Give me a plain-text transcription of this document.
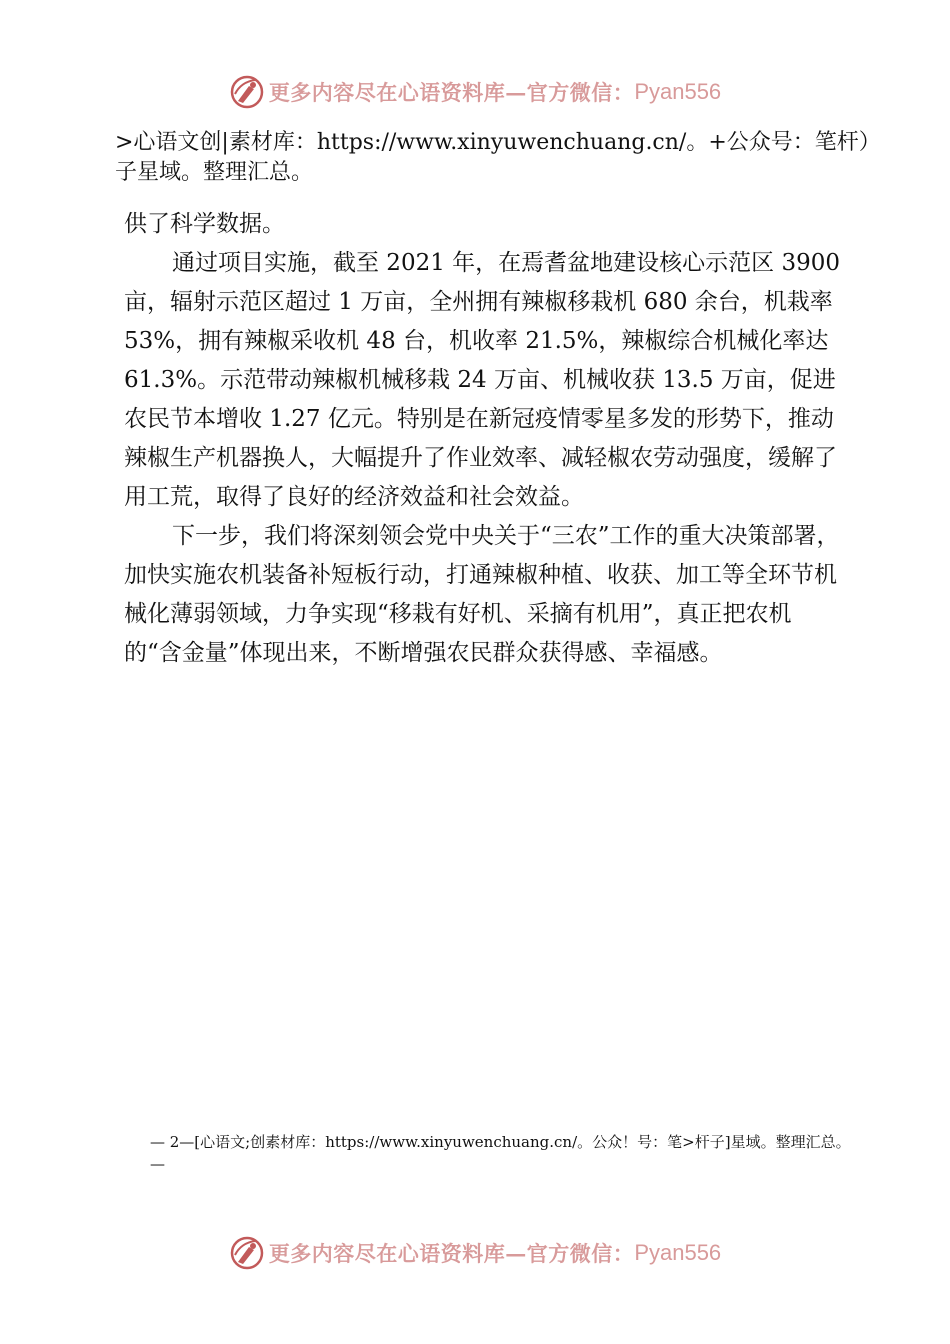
更多内容尽在心语资料库—官方微信： Pyan556
>心语文创|素材库：https://www.xinyuwenchuang.cn/。+公众号：笔杆）子星域。整理汇总。

供了科学数据。

通过项目实施，截至 2021 年，在焉耆盆地建设核心示范区 3900 亩，辐射示范区超过 1 万亩，全州拥有辣椒移栽机 680 余台，机栽率 53%，拥有辣椒采收机 48 台，机收率 21.5%，辣椒综合机械化率达 61.3%。示范带动辣椒机械移栽 24 万亩、机械收获 13.5 万亩，促进农民节本增收 1.27 亿元。特别是在新冠疫情零星多发的形势下，推动辣椒生产机器换人，大幅提升了作业效率、减轻椒农劳动强度，缓解了用工荒，取得了良好的经济效益和社会效益。

下一步，我们将深刻领会党中央关于“三农”工作的重大决策部署，加快实施农机装备补短板行动，打通辣椒种植、收获、加工等全环节机械化薄弱领域，力争实现“移栽有好机、采摘有机用”，真正把农机的“含金量”体现出来，不断增强农民群众获得感、幸福感。

— 2—[心语文;创素材库：https://www.xinyuwenchuang.cn/。公众！号：笔>杆子]星域。整理汇总。 —
更多内容尽在心语资料库—官方微信： Pyan556
